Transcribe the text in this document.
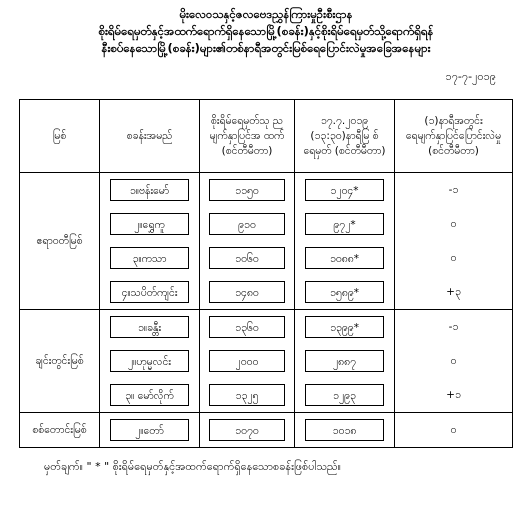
မိုးလေဝသနှင့်ဇလဗေဒညွှန်ကြားမှုဦးစီးဌာန
စိုးရိမ်ရေမှတ်နှင့်အထက်ရောက်ရှိနေသောမြို့(စခန်း)နှင့်စိုးရိမ်ရေမှတ်သို့ရောက်ရှိရန်
နီးစပ်နေသောမြို့(စခန်း)များ၏တစ်နာရီအတွင်းမြစ်ရေပြောင်းလဲမှုအခြေအနေများ
၁၇-၇-၂၀၁၉
မြစ်	စခန်းအမည်	စိုးရိမ်ရေမှတ်သု ညမျက်နှာပြင်အ ထက် (စင်တီမီတာ)	၁၇.၇.၂၀၁၉ (၁၃:၃၀)နာရီမြ စ်ရေမှတ် (စင်တီမီတာ)	(၁)နာရီအတွင်း ရေမျက်နှာပြင်ပြောင်းလဲမှု (စင်တီမီတာ)
ဧရာဝတီမြစ်	၁။ဗန်းမော်	၁၁၅၀	၁၂၀၄*	-၁
	၂။ရွှေကူ	၉၁၀	၉၇၂*	၀
	၃။ကသာ	၁၀၆၀	၁၀၈၈*	၀
	၄။သပိတ်ကျင်း	၁၄၈၀	၁၅၈၉*	+၃
ချင်းတွင်းမြစ်	၁။ခန္တီး	၁၃၆၀	၁၃၉၉*	-၁
	၂။ဟုမ္မလင်း	၂၀၀၀	၂၈၈၇	၀
	၃။ မော်လိုက်	၁၃၂၅	၁၂၉၃	+၁
စစ်တောင်းမြစ်	၂။တော်	၁၀၇၀	၁၀၁၈	၀
မှတ်ချက်။ " * " စိုးရိမ်ရေမှတ်နှင့်အထက်ရောက်ရှိနေသောစခန်းဖြစ်ပါသည်။
